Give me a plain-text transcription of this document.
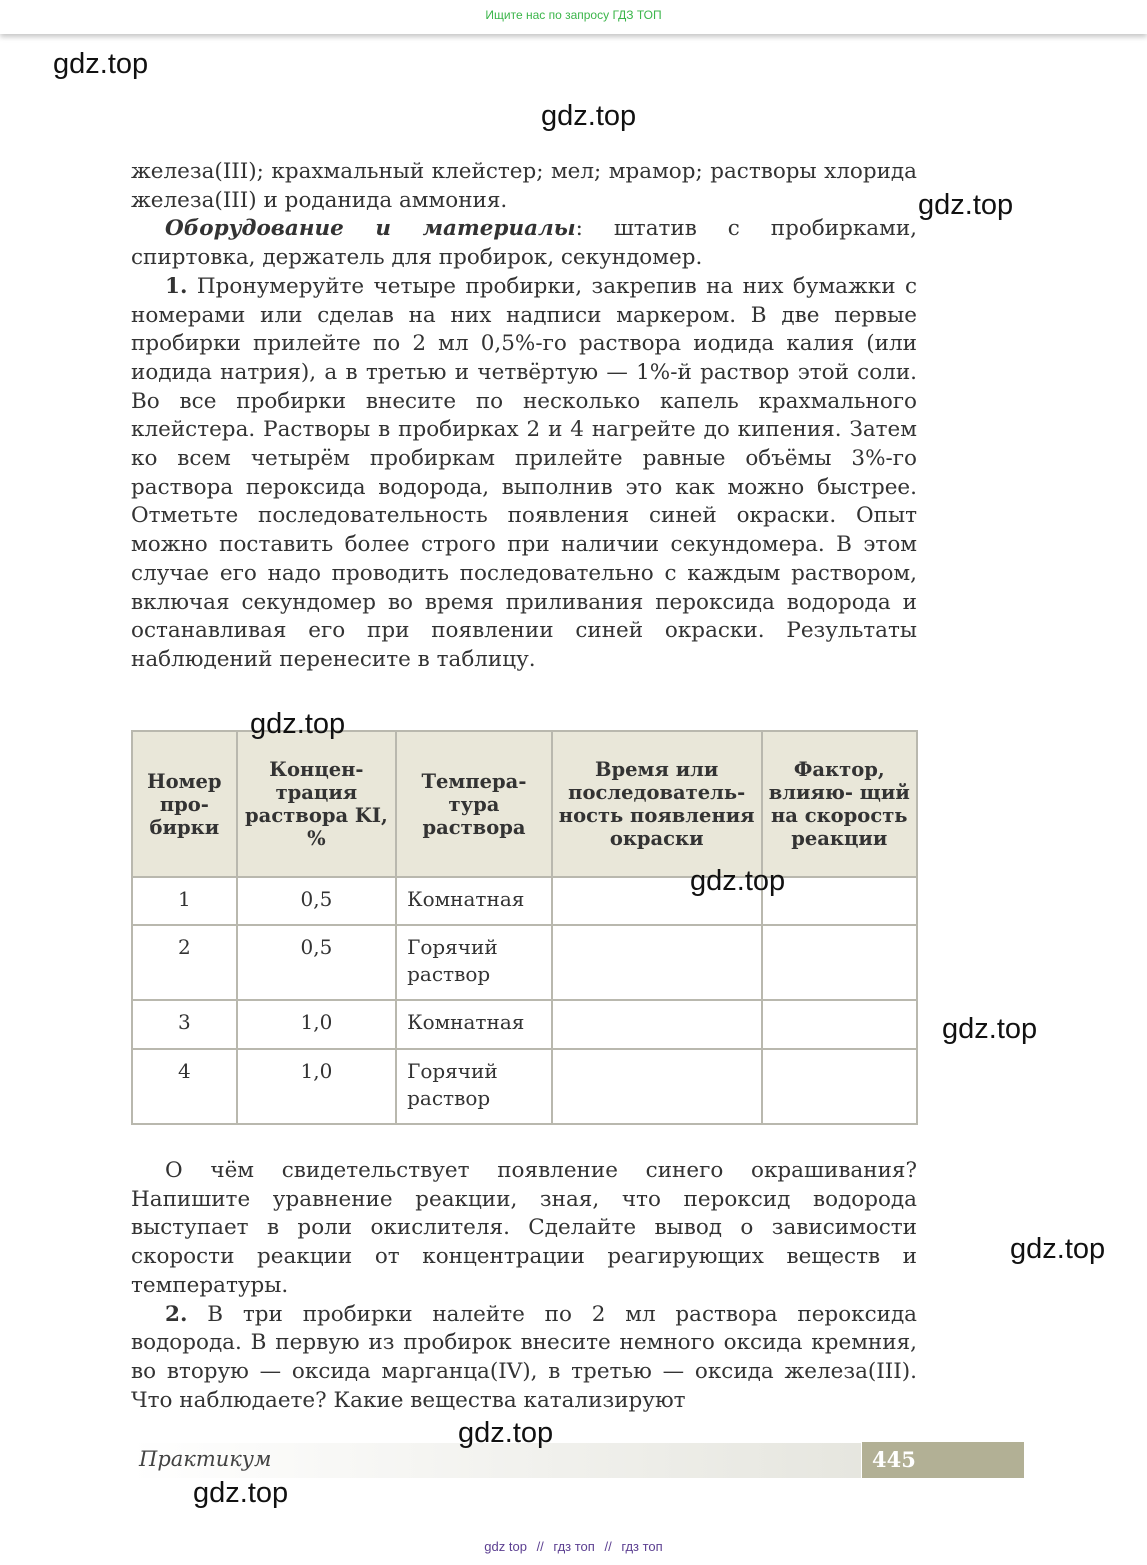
Ищите нас по запросу ГДЗ ТОП
gdz.top
gdz.top
gdz.top
gdz.top
gdz.top
gdz.top
gdz.top
gdz.top
gdz.top

железа(III); крахмальный клейстер; мел; мрамор; растворы хлорида железа(III) и роданида аммония.

Оборудование и материалы: штатив с пробирками, спиртовка, держатель для пробирок, секундомер.

1. Пронумеруйте четыре пробирки, закрепив на них бумажки с номерами или сделав на них надписи маркером. В две первые пробирки прилейте по 2 мл 0,5%-го раствора иодида калия (или иодида натрия), а в третью и четвёртую — 1%-й раствор этой соли. Во все пробирки внесите по несколько капель крахмального клейстера. Растворы в пробирках 2 и 4 нагрейте до кипения. Затем ко всем четырём пробиркам прилейте равные объёмы 3%-го раствора пероксида водорода, выполнив это как можно быстрее. Отметьте последовательность появления синей окраски. Опыт можно поставить более строго при наличии секундомера. В этом случае его надо проводить последовательно с каждым раствором, включая секундомер во время приливания пероксида водорода и останавливая его при появлении синей окраски. Результаты наблюдений перенесите в таблицу.

Номер про- бирки	Концен- трация раствора KI, %	Темпера- тура раствора	Время или последователь- ность появления окраски	Фактор, влияю- щий на скорость реакции
1	0,5	Комнатная		
2	0,5	Горячий раствор		
3	1,0	Комнатная		
4	1,0	Горячий раствор		

О чём свидетельствует появление синего окрашивания? Напишите уравнение реакции, зная, что пероксид водорода выступает в роли окислителя. Сделайте вывод о зависимости скорости реакции от концентрации реагирующих веществ и температуры.

2. В три пробирки налейте по 2 мл раствора пероксида водорода. В первую из пробирок внесите немного оксида кремния, во вторую — оксида марганца(IV), в третью — оксида железа(III). Что наблюдаете? Какие вещества катализируют

Практикум	445
gdz top // гдз топ // гдз топ
